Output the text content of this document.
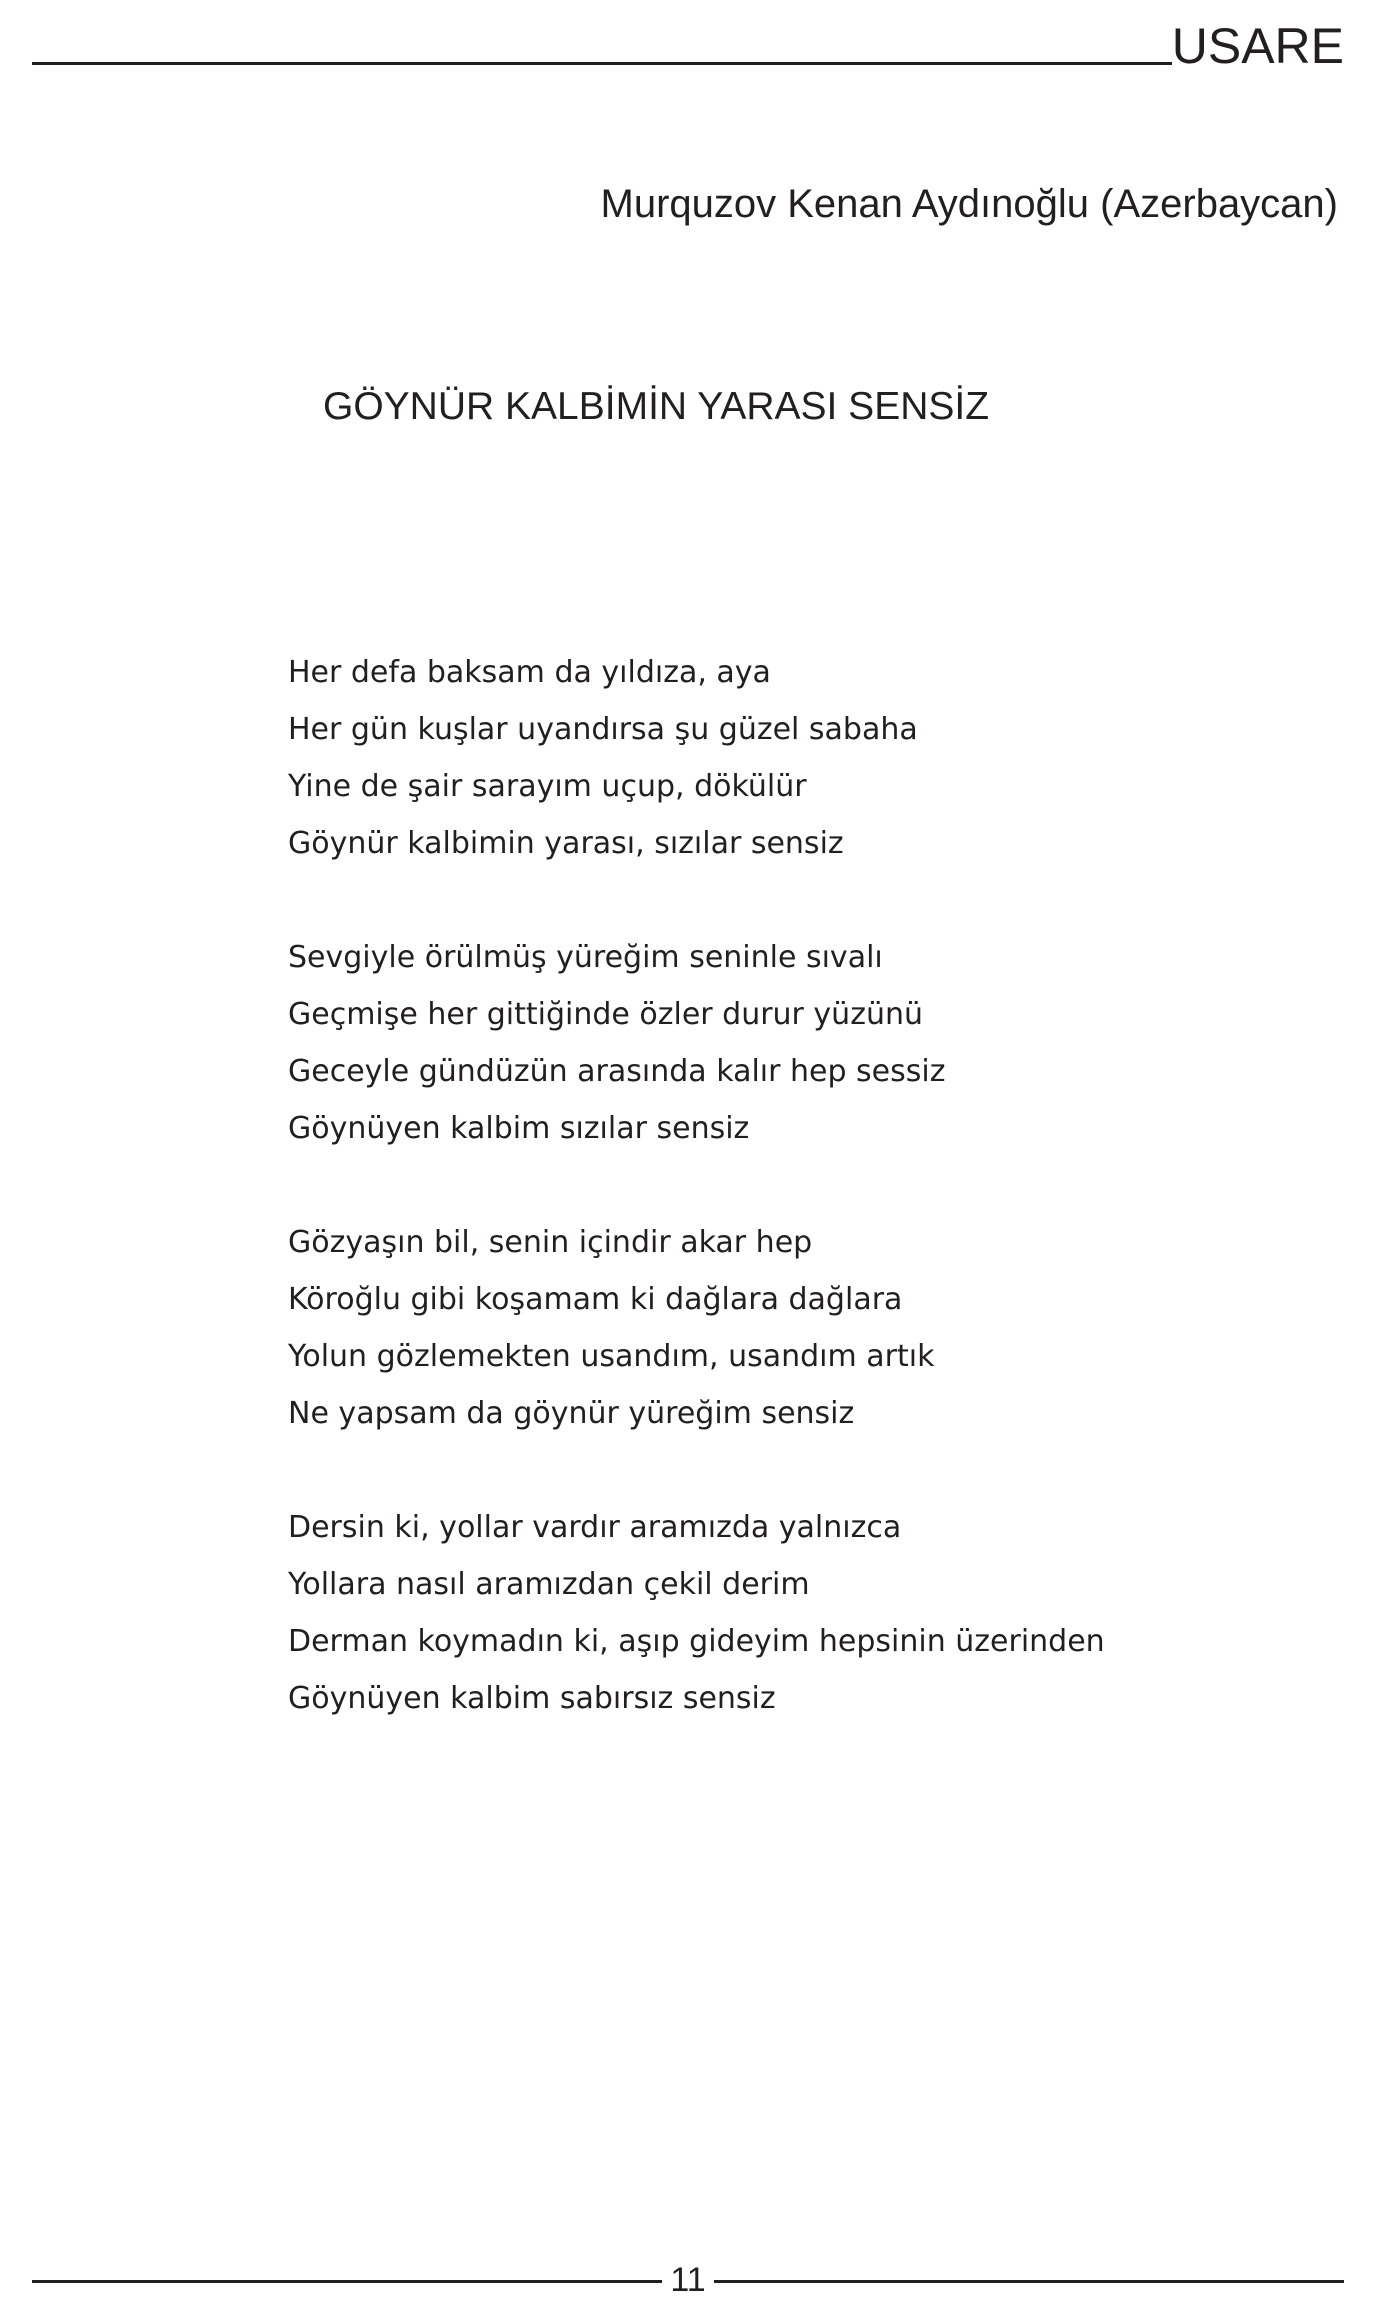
USARE
Murquzov Kenan Aydınoğlu (Azerbaycan)
GÖYNÜR KALBİMİN YARASI SENSİZ
Her defa baksam da yıldıza, aya
Her gün kuşlar uyandırsa şu güzel sabaha
Yine de şair sarayım uçup, dökülür
Göynür kalbimin yarası, sızılar sensiz
Sevgiyle örülmüş yüreğim seninle sıvalı
Geçmişe her gittiğinde özler durur yüzünü
Geceyle gündüzün arasında kalır hep sessiz
Göynüyen kalbim sızılar sensiz
Gözyaşın bil, senin içindir akar hep
Köroğlu gibi koşamam ki dağlara dağlara
Yolun gözlemekten usandım, usandım artık
Ne yapsam da göynür yüreğim sensiz
Dersin ki, yollar vardır aramızda yalnızca
Yollara nasıl aramızdan çekil derim
Derman koymadın ki, aşıp gideyim hepsinin üzerinden
Göynüyen kalbim sabırsız sensiz
11
